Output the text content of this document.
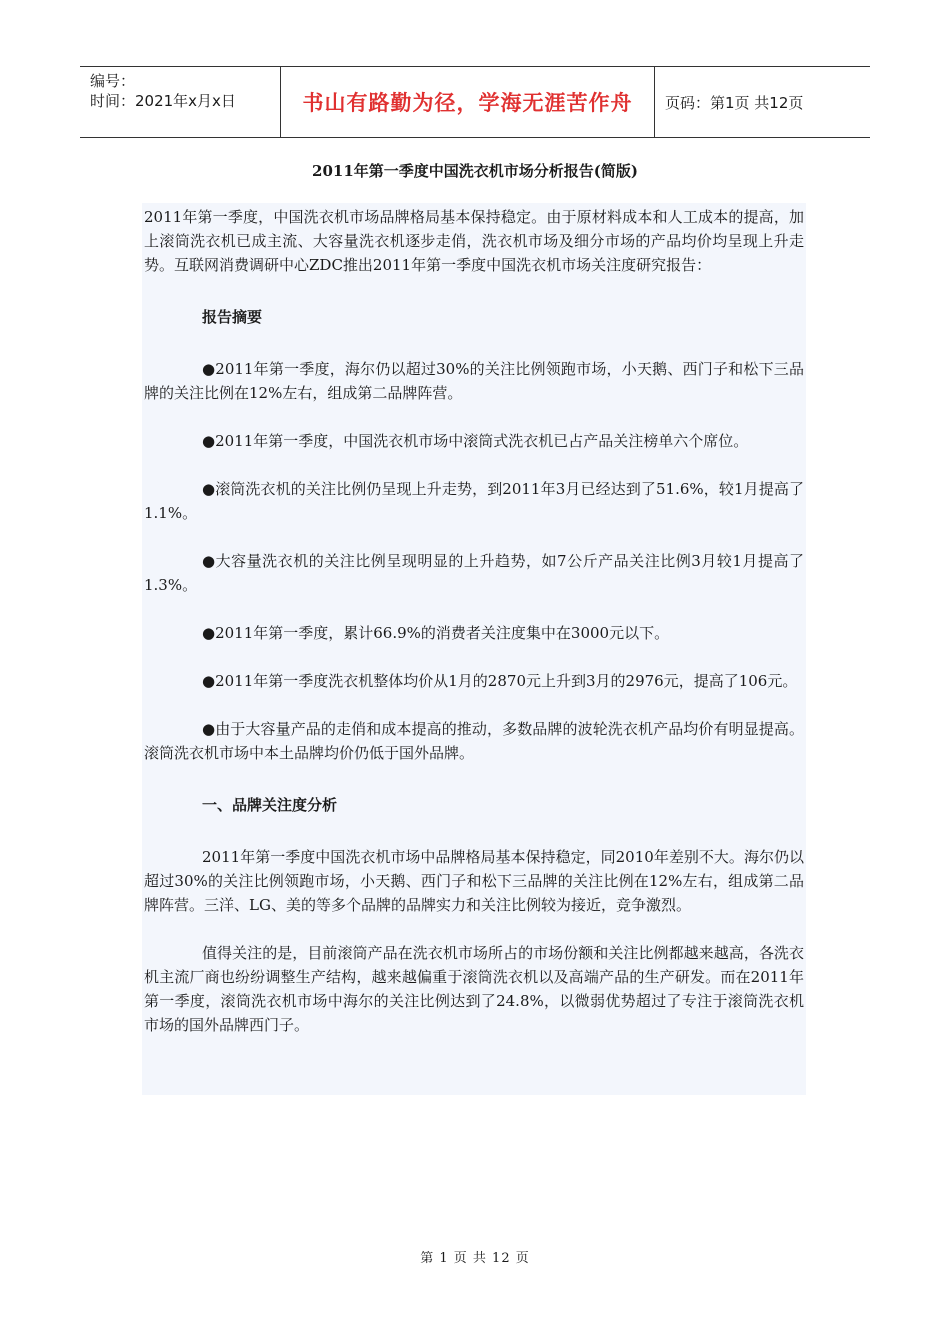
编号：
时间：2021年x月x日	书山有路勤为径，学海无涯苦作舟	页码：第1页 共12页
2011年第一季度中国洗衣机市场分析报告(简版)

2011年第一季度，中国洗衣机市场品牌格局基本保持稳定。由于原材料成本和人工成本的提高，加上滚筒洗衣机已成主流、大容量洗衣机逐步走俏，洗衣机市场及细分市场的产品均价均呈现上升走势。互联网消费调研中心ZDC推出2011年第一季度中国洗衣机市场关注度研究报告：

报告摘要

●2011年第一季度，海尔仍以超过30%的关注比例领跑市场，小天鹅、西门子和松下三品牌的关注比例在12%左右，组成第二品牌阵营。

●2011年第一季度，中国洗衣机市场中滚筒式洗衣机已占产品关注榜单六个席位。

●滚筒洗衣机的关注比例仍呈现上升走势，到2011年3月已经达到了51.6%，较1月提高了1.1%。

●大容量洗衣机的关注比例呈现明显的上升趋势，如7公斤产品关注比例3月较1月提高了1.3%。

●2011年第一季度，累计66.9%的消费者关注度集中在3000元以下。

●2011年第一季度洗衣机整体均价从1月的2870元上升到3月的2976元，提高了106元。

●由于大容量产品的走俏和成本提高的推动，多数品牌的波轮洗衣机产品均价有明显提高。滚筒洗衣机市场中本土品牌均价仍低于国外品牌。

一、品牌关注度分析

2011年第一季度中国洗衣机市场中品牌格局基本保持稳定，同2010年差别不大。海尔仍以超过30%的关注比例领跑市场，小天鹅、西门子和松下三品牌的关注比例在12%左右，组成第二品牌阵营。三洋、LG、美的等多个品牌的品牌实力和关注比例较为接近，竞争激烈。

值得关注的是，目前滚筒产品在洗衣机市场所占的市场份额和关注比例都越来越高，各洗衣机主流厂商也纷纷调整生产结构，越来越偏重于滚筒洗衣机以及高端产品的生产研发。而在2011年第一季度，滚筒洗衣机市场中海尔的关注比例达到了24.8%，以微弱优势超过了专注于滚筒洗衣机市场的国外品牌西门子。

第 1 页 共 12 页
